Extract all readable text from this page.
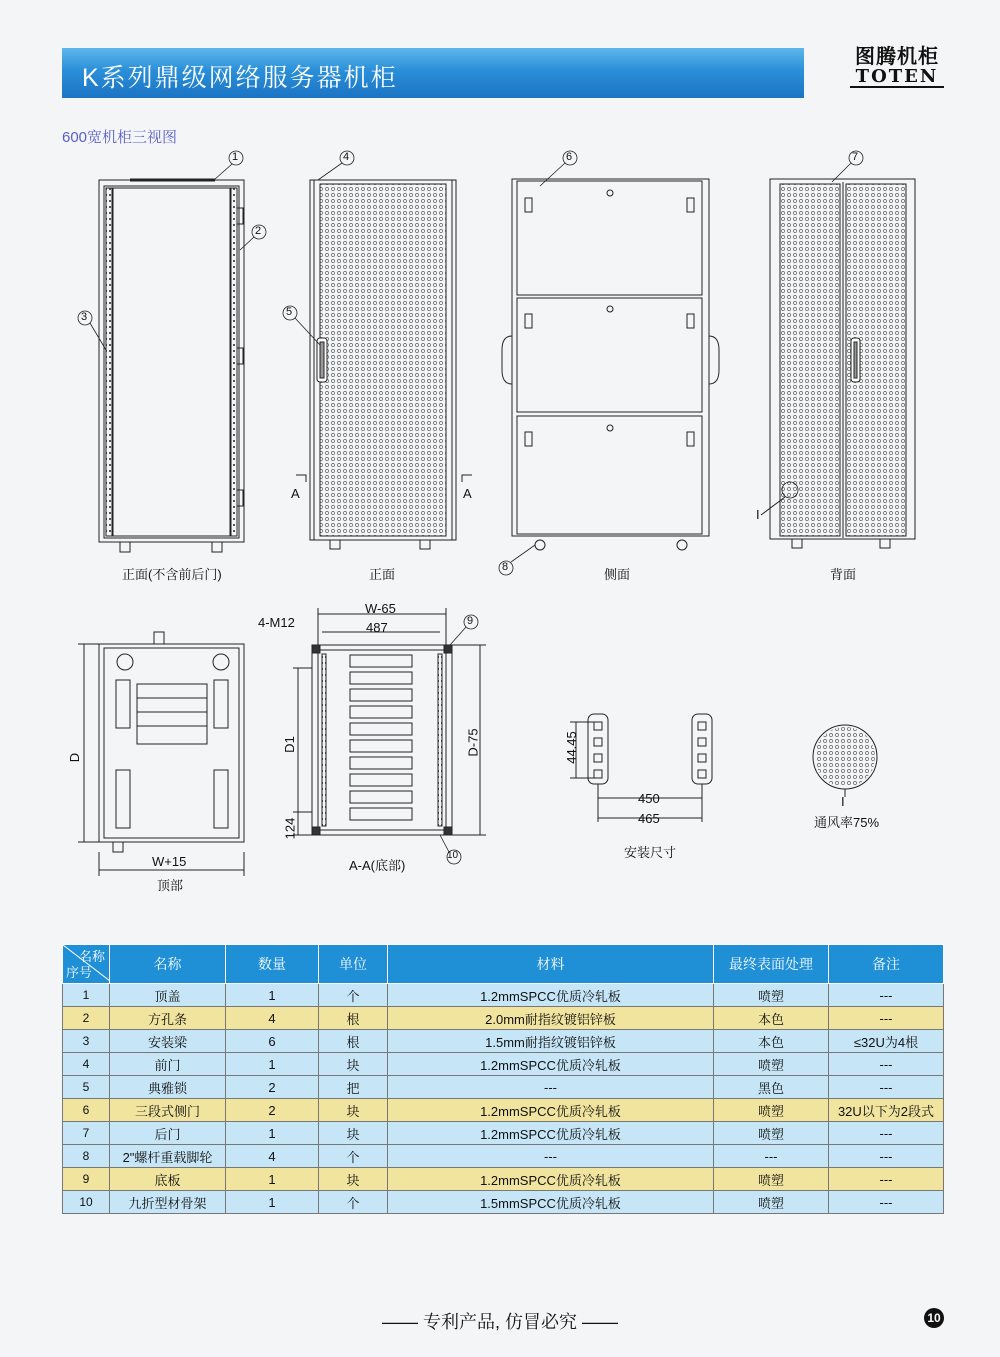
K系列鼎级网络服务器机柜
图腾机柜
TOTEN
600宽机柜三视图
1
2
3
4
5
6	7
8
9
10
正面(不含前后门)	正面	侧面	背面
顶部
A-A(底部)
安装尺寸
A	A
I
D
W+15
W-65
487
4-M12
D1	D-75
124
44.45
450
465
I
通风率75%
名称
序号	名称	数量	单位	材料	最终表面处理	备注
1	顶盖	1	个	1.2mmSPCC优质冷轧板	喷塑	---
2	方孔条	4	根	2.0mm耐指纹镀铝锌板	本色	---
3	安装梁	6	根	1.5mm耐指纹镀铝锌板	本色	≤32U为4根
4	前门	1	块	1.2mmSPCC优质冷轧板	喷塑	---
5	典雅锁	2	把	---	黑色	---
6	三段式侧门	2	块	1.2mmSPCC优质冷轧板	喷塑	32U以下为2段式
7	后门	1	块	1.2mmSPCC优质冷轧板	喷塑	---
8	2"螺杆重载脚轮	4	个	---	---	---
9	底板	1	块	1.2mmSPCC优质冷轧板	喷塑	---
10	九折型材骨架	1	个	1.5mmSPCC优质冷轧板	喷塑	---
—— 专利产品, 仿冒必究 ——	10
